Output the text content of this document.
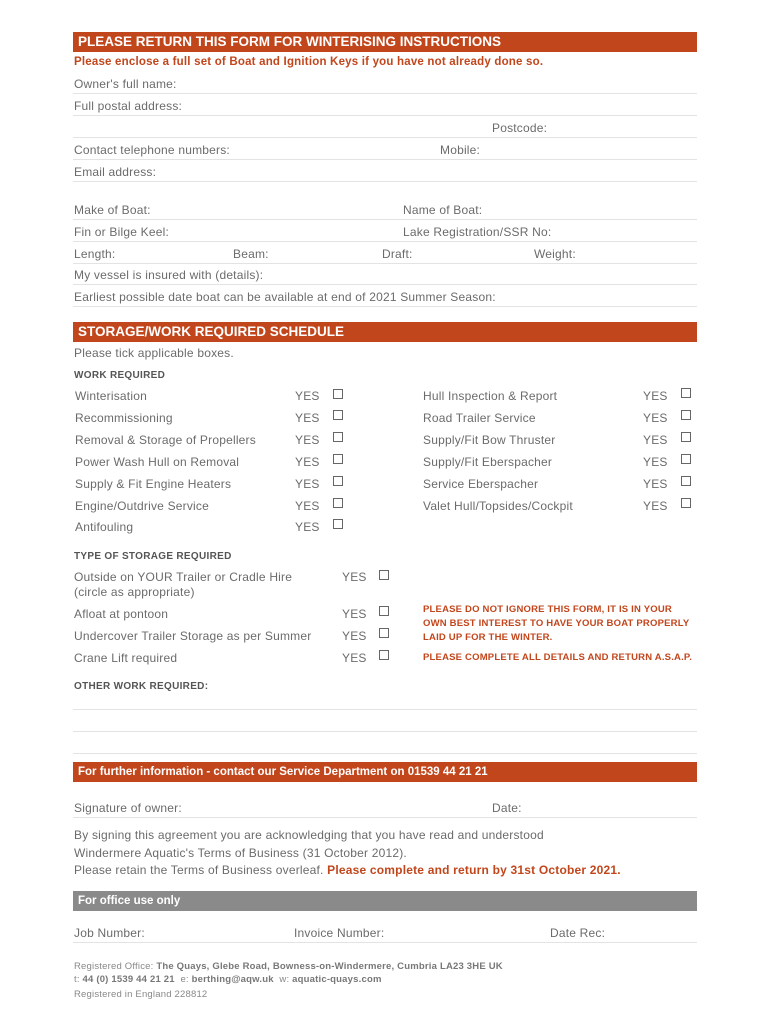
PLEASE RETURN THIS FORM FOR WINTERISING INSTRUCTIONS
Please enclose a full set of Boat and Ignition Keys if you have not already done so.
Owner's full name:
Full postal address:
Postcode:
Contact telephone numbers:	Mobile:
Email address:
Make of Boat:	Name of Boat:
Fin or Bilge Keel:	Lake Registration/SSR No:
Length:	Beam:	Draft:	Weight:
My vessel is insured with (details):
Earliest possible date boat can be available at end of 2021 Summer Season:
STORAGE/WORK REQUIRED SCHEDULE
Please tick applicable boxes.
WORK REQUIRED
Winterisation	YES
Recommissioning	YES
Removal & Storage of Propellers	YES
Power Wash Hull on Removal	YES
Supply & Fit Engine Heaters	YES
Engine/Outdrive Service	YES
Antifouling	YES
Hull Inspection & Report	YES
Road Trailer Service	YES
Supply/Fit Bow Thruster	YES
Supply/Fit Eberspacher	YES
Service Eberspacher	YES
Valet Hull/Topsides/Cockpit	YES
TYPE OF STORAGE REQUIRED
Outside on YOUR Trailer or Cradle Hire
(circle as appropriate)
YES
Afloat at pontoon	YES
Undercover Trailer Storage as per Summer	YES
Crane Lift required	YES
PLEASE DO NOT IGNORE THIS FORM, IT IS IN YOUR
OWN BEST INTEREST TO HAVE YOUR BOAT PROPERLY
LAID UP FOR THE WINTER.
PLEASE COMPLETE ALL DETAILS AND RETURN A.S.A.P.
OTHER WORK REQUIRED:
For further information - contact our Service Department on 01539 44 21 21
Signature of owner:	Date:
By signing this agreement you are acknowledging that you have read and understood
Windermere Aquatic's Terms of Business (31 October 2012).
Please retain the Terms of Business overleaf. Please complete and return by 31st October 2021.
For office use only
Job Number:	Invoice Number:	Date Rec:
Registered Office: The Quays, Glebe Road, Bowness-on-Windermere, Cumbria LA23 3HE UK
t: 44 (0) 1539 44 21 21 e: berthing@aqw.uk w: aquatic-quays.com
Registered in England 228812
